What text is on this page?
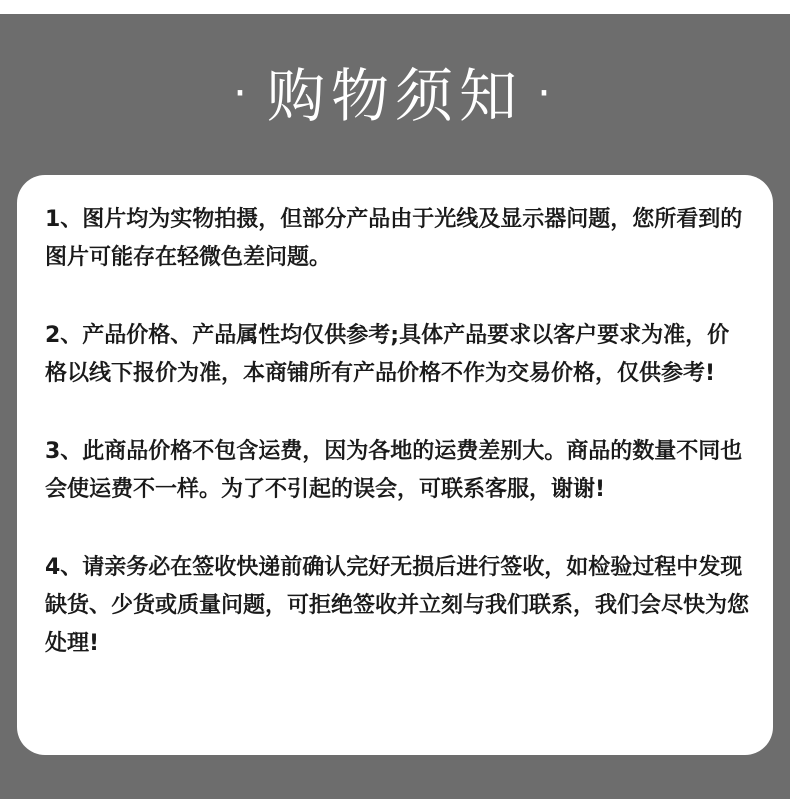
· 购物须知 ·

1、图片均为实物拍摄，但部分产品由于光线及显示器问题，您所看到的图片可能存在轻微色差问题。

2、产品价格、产品属性均仅供参考;具体产品要求以客户要求为准，价格以线下报价为准，本商铺所有产品价格不作为交易价格，仅供参考!

3、此商品价格不包含运费，因为各地的运费差别大。商品的数量不同也会使运费不一样。为了不引起的误会，可联系客服，谢谢!

4、请亲务必在签收快递前确认完好无损后进行签收，如检验过程中发现缺货、少货或质量问题，可拒绝签收并立刻与我们联系，我们会尽快为您处理!
